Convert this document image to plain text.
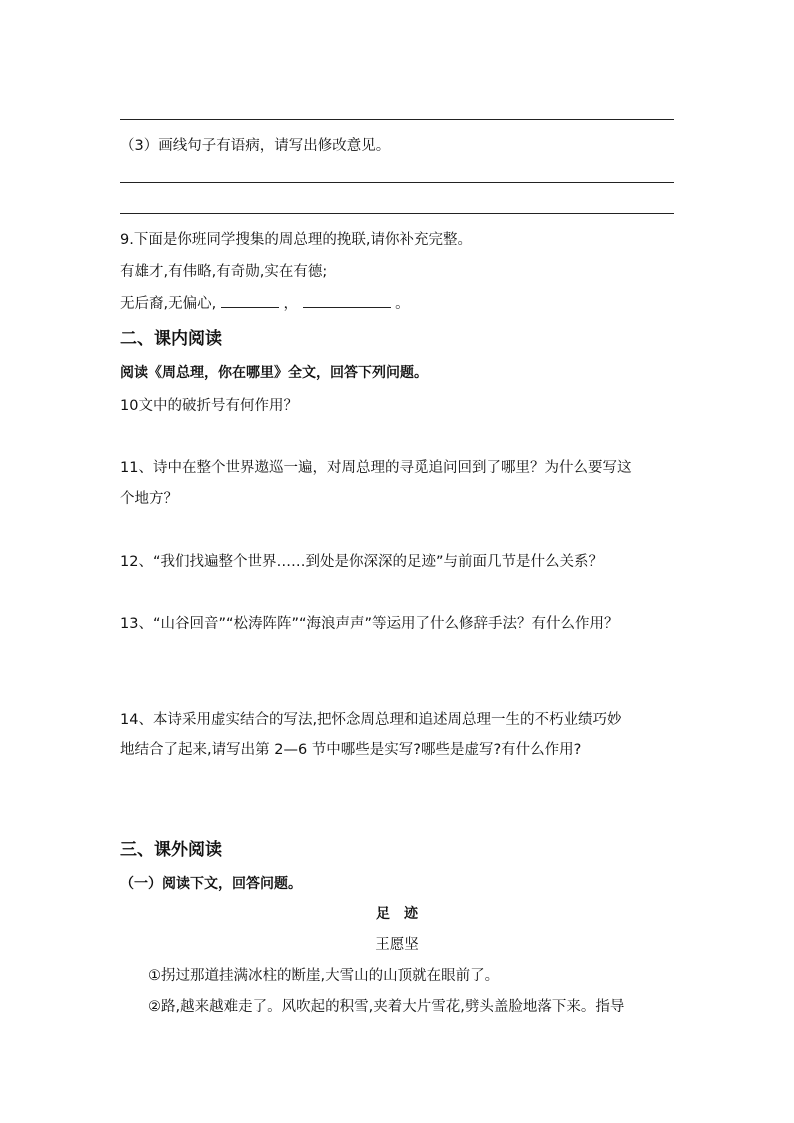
（3）画线句子有语病，请写出修改意见。
9.下面是你班同学搜集的周总理的挽联,请你补充完整。
有雄才,有伟略,有奇勋,实在有德;
无后裔,无偏心,	，	。
二、课内阅读
阅读《周总理，你在哪里》全文，回答下列问题。
10文中的破折号有何作用？
11、诗中在整个世界遨巡一遍，对周总理的寻觅追问回到了哪里？为什么要写这
个地方？
12、“我们找遍整个世界……到处是你深深的足迹”与前面几节是什么关系？
13、“山谷回音”“松涛阵阵”“海浪声声”等运用了什么修辞手法？有什么作用？
14、本诗采用虚实结合的写法,把怀念周总理和追述周总理一生的不朽业绩巧妙
地结合了起来,请写出第 2—6 节中哪些是实写?哪些是虚写?有什么作用?
三、课外阅读
（一）阅读下文，回答问题。
足　迹
王愿坚
①拐过那道挂满冰柱的断崖,大雪山的山顶就在眼前了。
②路,越来越难走了。风吹起的积雪,夹着大片雪花,劈头盖脸地落下来。指导
